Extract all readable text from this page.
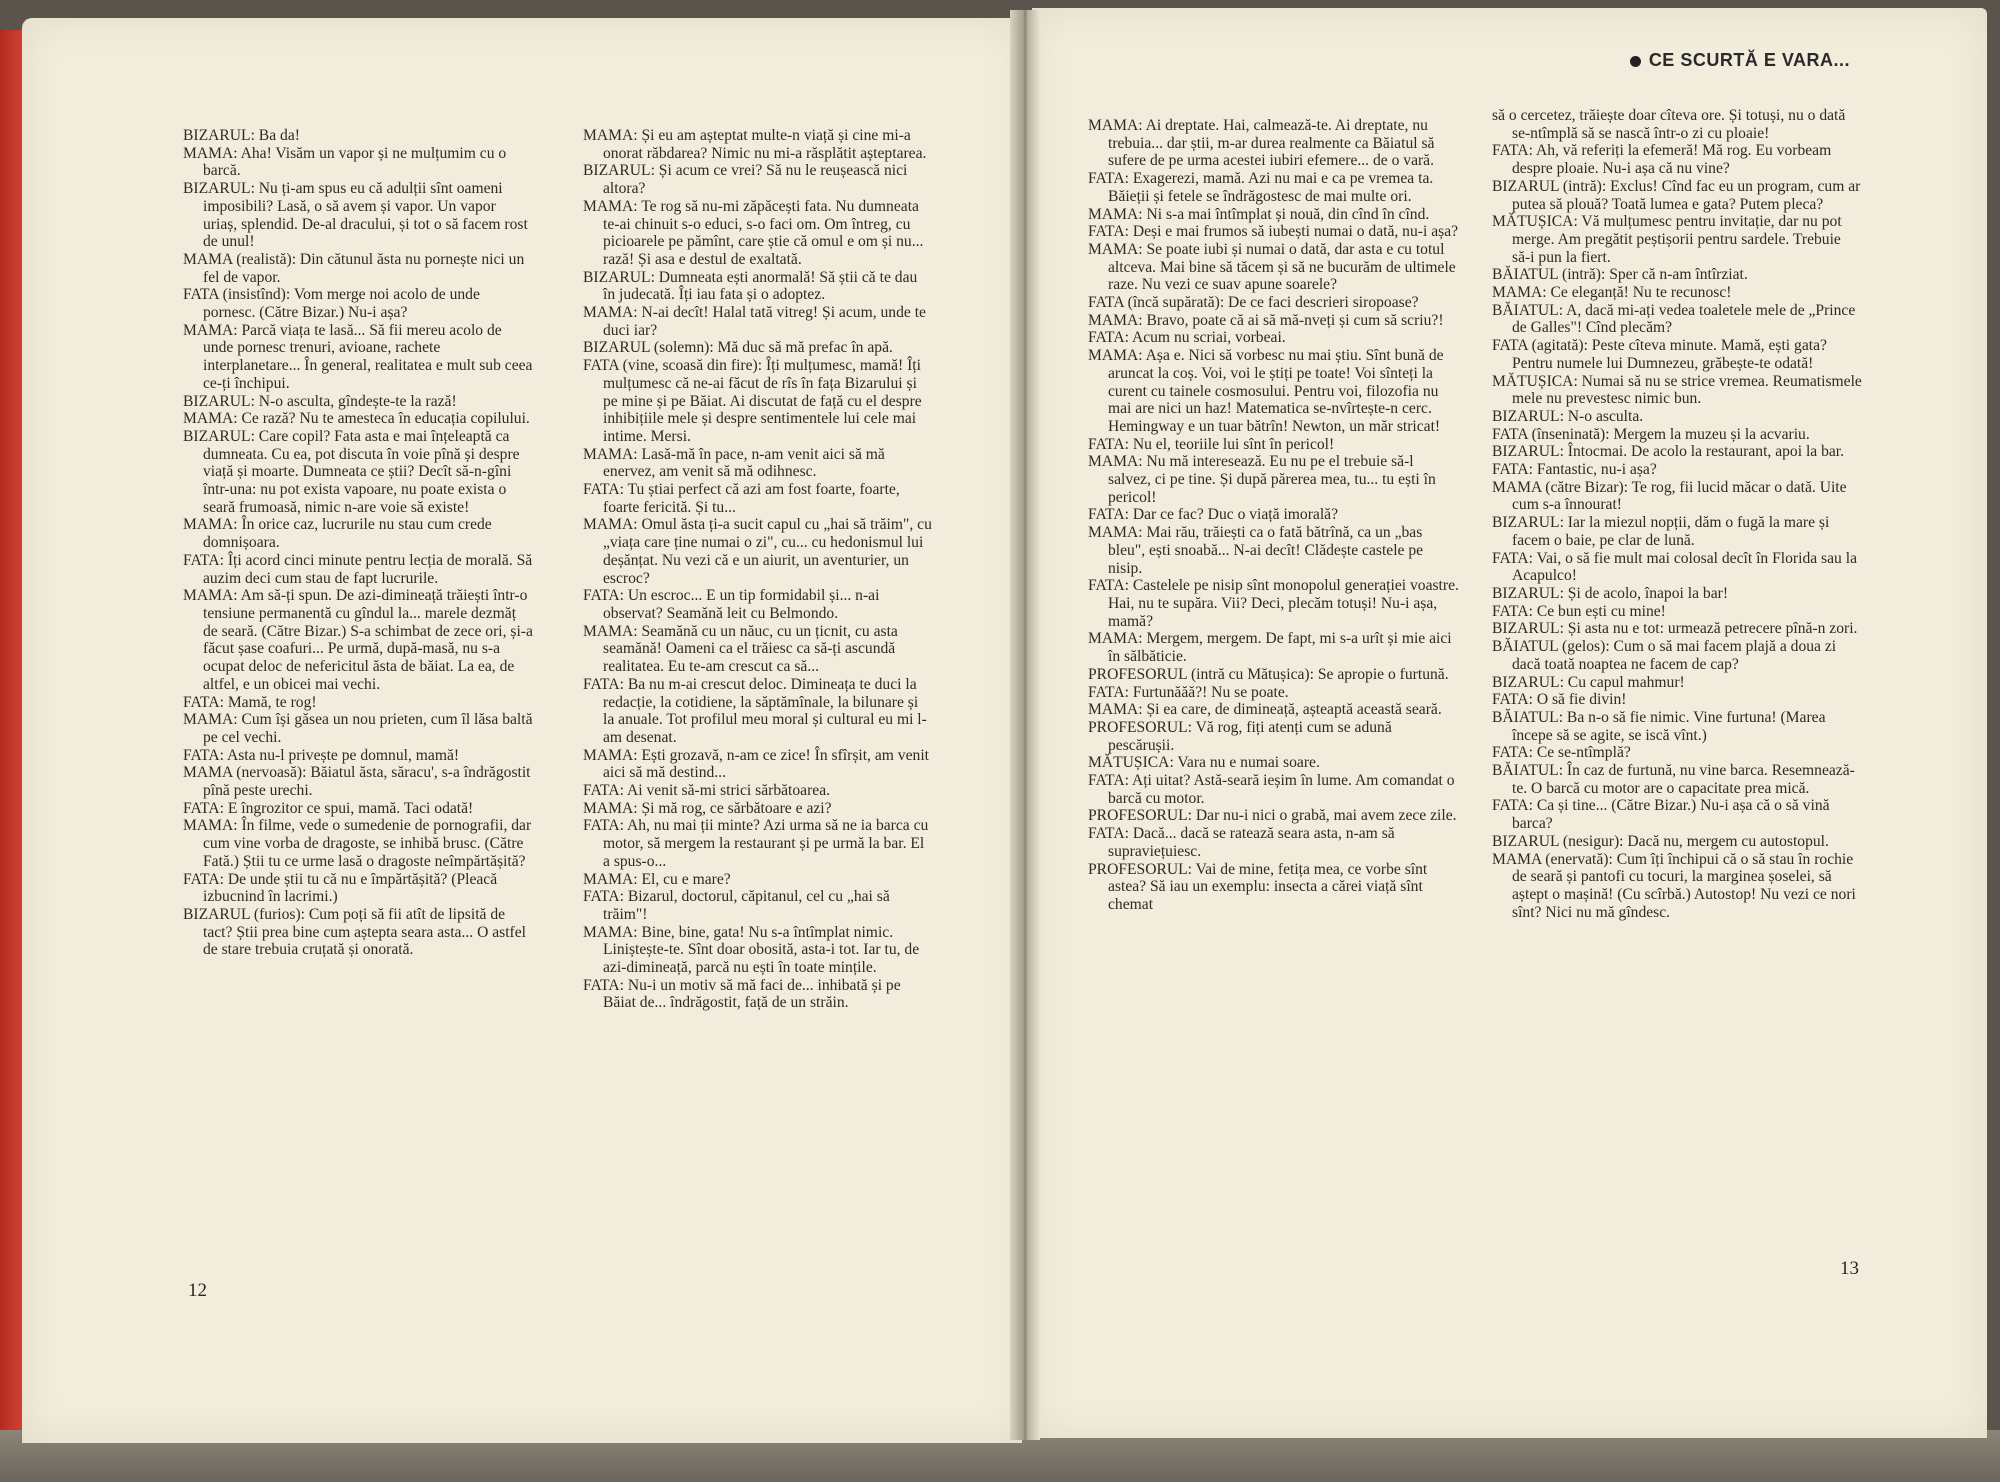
CE SCURTĂ E VARA...

BIZARUL: Ba da!

MAMA: Aha! Visăm un vapor și ne mulțumim cu o barcă.

BIZARUL: Nu ți-am spus eu că adulții sînt oameni imposibili? Lasă, o să avem și vapor. Un vapor uriaș, splendid. De-al dracului, și tot o să facem rost de unul!

MAMA (realistă): Din cătunul ăsta nu pornește nici un fel de vapor.

FATA (insistînd): Vom merge noi acolo de unde pornesc. (Către Bizar.) Nu-i așa?

MAMA: Parcă viața te lasă... Să fii mereu acolo de unde pornesc trenuri, avioane, rachete interplanetare... În general, realitatea e mult sub ceea ce-ți închipui.

BIZARUL: N-o asculta, gîndește-te la rază!

MAMA: Ce rază? Nu te amesteca în educația copilului.

BIZARUL: Care copil? Fata asta e mai înțeleaptă ca dumneata. Cu ea, pot discuta în voie pînă și despre viață și moarte. Dumneata ce știi? Decît să-n-gîni într-una: nu pot exista vapoare, nu poate exista o seară frumoasă, nimic n-are voie să existe!

MAMA: În orice caz, lucrurile nu stau cum crede domnișoara.

FATA: Îți acord cinci minute pentru lecția de morală. Să auzim deci cum stau de fapt lucrurile.

MAMA: Am să-ți spun. De azi-dimineață trăiești într-o tensiune permanentă cu gîndul la... marele dezmăț de seară. (Către Bizar.) S-a schimbat de zece ori, și-a făcut șase coafuri... Pe urmă, după-masă, nu s-a ocupat deloc de nefericitul ăsta de băiat. La ea, de altfel, e un obicei mai vechi.

FATA: Mamă, te rog!

MAMA: Cum își găsea un nou prieten, cum îl lăsa baltă pe cel vechi.

FATA: Asta nu-l privește pe domnul, mamă!

MAMA (nervoasă): Băiatul ăsta, săracu', s-a îndrăgostit pînă peste urechi.

FATA: E îngrozitor ce spui, mamă. Taci odată!

MAMA: În filme, vede o sumedenie de pornografii, dar cum vine vorba de dragoste, se inhibă brusc. (Către Fată.) Știi tu ce urme lasă o dragoste neîmpărtășită?

FATA: De unde știi tu că nu e împărtășită? (Pleacă izbucnind în lacrimi.)

BIZARUL (furios): Cum poți să fii atît de lipsită de tact? Știi prea bine cum aștepta seara asta... O astfel de stare trebuia cruțată și onorată.

MAMA: Și eu am așteptat multe-n viață și cine mi-a onorat răbdarea? Nimic nu mi-a răsplătit așteptarea.

BIZARUL: Și acum ce vrei? Să nu le reușească nici altora?

MAMA: Te rog să nu-mi zăpăcești fata. Nu dumneata te-ai chinuit s-o educi, s-o faci om. Om întreg, cu picioarele pe pămînt, care știe că omul e om și nu... rază! Și asa e destul de exaltată.

BIZARUL: Dumneata ești anormală! Să știi că te dau în judecată. Îți iau fata și o adoptez.

MAMA: N-ai decît! Halal tată vitreg! Și acum, unde te duci iar?

BIZARUL (solemn): Mă duc să mă prefac în apă.

FATA (vine, scoasă din fire): Îți mulțumesc, mamă! Îți mulțumesc că ne-ai făcut de rîs în fața Bizarului și pe mine și pe Băiat. Ai discutat de față cu el despre inhibițiile mele și despre sentimentele lui cele mai intime. Mersi.

MAMA: Lasă-mă în pace, n-am venit aici să mă enervez, am venit să mă odihnesc.

FATA: Tu știai perfect că azi am fost foarte, foarte, foarte fericită. Și tu...

MAMA: Omul ăsta ți-a sucit capul cu „hai să trăim", cu „viața care ține numai o zi", cu... cu hedonismul lui deșănțat. Nu vezi că e un aiurit, un aventurier, un escroc?

FATA: Un escroc... E un tip formidabil și... n-ai observat? Seamănă leit cu Belmondo.

MAMA: Seamănă cu un năuc, cu un țicnit, cu asta seamănă! Oameni ca el trăiesc ca să-ți ascundă realitatea. Eu te-am crescut ca să...

FATA: Ba nu m-ai crescut deloc. Dimineața te duci la redacție, la cotidiene, la săptămînale, la bilunare și la anuale. Tot profilul meu moral și cultural eu mi l-am desenat.

MAMA: Ești grozavă, n-am ce zice! În sfîrșit, am venit aici să mă destind...

FATA: Ai venit să-mi strici sărbătoarea.

MAMA: Și mă rog, ce sărbătoare e azi?

FATA: Ah, nu mai ții minte? Azi urma să ne ia barca cu motor, să mergem la restaurant și pe urmă la bar. El a spus-o...

MAMA: El, cu e mare?

FATA: Bizarul, doctorul, căpitanul, cel cu „hai să trăim"!

MAMA: Bine, bine, gata! Nu s-a întîmplat nimic. Liniștește-te. Sînt doar obosită, asta-i tot. Iar tu, de azi-dimineață, parcă nu ești în toate mințile.

FATA: Nu-i un motiv să mă faci de... inhibată și pe Băiat de... îndrăgostit, față de un străin.

MAMA: Ai dreptate. Hai, calmează-te. Ai dreptate, nu trebuia... dar știi, m-ar durea realmente ca Băiatul să sufere de pe urma acestei iubiri efemere... de o vară.

FATA: Exagerezi, mamă. Azi nu mai e ca pe vremea ta. Băieții și fetele se îndrăgostesc de mai multe ori.

MAMA: Ni s-a mai întîmplat și nouă, din cînd în cînd.

FATA: Deși e mai frumos să iubești numai o dată, nu-i așa?

MAMA: Se poate iubi și numai o dată, dar asta e cu totul altceva. Mai bine să tăcem și să ne bucurăm de ultimele raze. Nu vezi ce suav apune soarele?

FATA (încă supărată): De ce faci descrieri siropoase?

MAMA: Bravo, poate că ai să mă-nveți și cum să scriu?!

FATA: Acum nu scriai, vorbeai.

MAMA: Așa e. Nici să vorbesc nu mai știu. Sînt bună de aruncat la coș. Voi, voi le știți pe toate! Voi sînteți la curent cu tainele cosmosului. Pentru voi, filozofia nu mai are nici un haz! Matematica se-nvîrtește-n cerc. Hemingway e un tuar bătrîn! Newton, un măr stricat!

FATA: Nu el, teoriile lui sînt în pericol!

MAMA: Nu mă interesează. Eu nu pe el trebuie să-l salvez, ci pe tine. Și după părerea mea, tu... tu ești în pericol!

FATA: Dar ce fac? Duc o viață imorală?

MAMA: Mai rău, trăiești ca o fată bătrînă, ca un „bas bleu", ești snoabă... N-ai decît! Clădește castele pe nisip.

FATA: Castelele pe nisip sînt monopolul generației voastre. Hai, nu te supăra. Vii? Deci, plecăm totuși! Nu-i așa, mamă?

MAMA: Mergem, mergem. De fapt, mi s-a urît și mie aici în sălbăticie.

PROFESORUL (intră cu Mătușica): Se apropie o furtună.

FATA: Furtunăăă?! Nu se poate.

MAMA: Și ea care, de dimineață, așteaptă această seară.

PROFESORUL: Vă rog, fiți atenți cum se adună pescărușii.

MĂTUȘICA: Vara nu e numai soare.

FATA: Ați uitat? Astă-seară ieșim în lume. Am comandat o barcă cu motor.

PROFESORUL: Dar nu-i nici o grabă, mai avem zece zile.

FATA: Dacă... dacă se ratează seara asta, n-am să supraviețuiesc.

PROFESORUL: Vai de mine, fetița mea, ce vorbe sînt astea? Să iau un exemplu: insecta a cărei viață sînt chemat

să o cercetez, trăiește doar cîteva ore. Și totuși, nu o dată se-ntîmplă să se nască într-o zi cu ploaie!

FATA: Ah, vă referiți la efemeră! Mă rog. Eu vorbeam despre ploaie. Nu-i așa că nu vine?

BIZARUL (intră): Exclus! Cînd fac eu un program, cum ar putea să plouă? Toată lumea e gata? Putem pleca?

MĂTUȘICA: Vă mulțumesc pentru invitație, dar nu pot merge. Am pregătit peștișorii pentru sardele. Trebuie să-i pun la fiert.

BĂIATUL (intră): Sper că n-am întîrziat.

MAMA: Ce eleganță! Nu te recunosc!

BĂIATUL: A, dacă mi-ați vedea toaletele mele de „Prince de Galles"! Cînd plecăm?

FATA (agitată): Peste cîteva minute. Mamă, ești gata? Pentru numele lui Dumnezeu, grăbește-te odată!

MĂTUȘICA: Numai să nu se strice vremea. Reumatismele mele nu prevestesc nimic bun.

BIZARUL: N-o asculta.

FATA (înseninată): Mergem la muzeu și la acvariu.

BIZARUL: Întocmai. De acolo la restaurant, apoi la bar.

FATA: Fantastic, nu-i așa?

MAMA (către Bizar): Te rog, fii lucid măcar o dată. Uite cum s-a înnourat!

BIZARUL: Iar la miezul nopții, dăm o fugă la mare și facem o baie, pe clar de lună.

FATA: Vai, o să fie mult mai colosal decît în Florida sau la Acapulco!

BIZARUL: Și de acolo, înapoi la bar!

FATA: Ce bun ești cu mine!

BIZARUL: Și asta nu e tot: urmează petrecere pînă-n zori.

BĂIATUL (gelos): Cum o să mai facem plajă a doua zi dacă toată noaptea ne facem de cap?

BIZARUL: Cu capul mahmur!

FATA: O să fie divin!

BĂIATUL: Ba n-o să fie nimic. Vine furtuna! (Marea începe să se agite, se iscă vînt.)

FATA: Ce se-ntîmplă?

BĂIATUL: În caz de furtună, nu vine barca. Resemnează-te. O barcă cu motor are o capacitate prea mică.

FATA: Ca și tine... (Către Bizar.) Nu-i așa că o să vină barca?

BIZARUL (nesigur): Dacă nu, mergem cu autostopul.

MAMA (enervată): Cum îți închipui că o să stau în rochie de seară și pantofi cu tocuri, la marginea șoselei, să aștept o mașină! (Cu scîrbă.) Autostop! Nu vezi ce nori sînt? Nici nu mă gîndesc.

12
13
